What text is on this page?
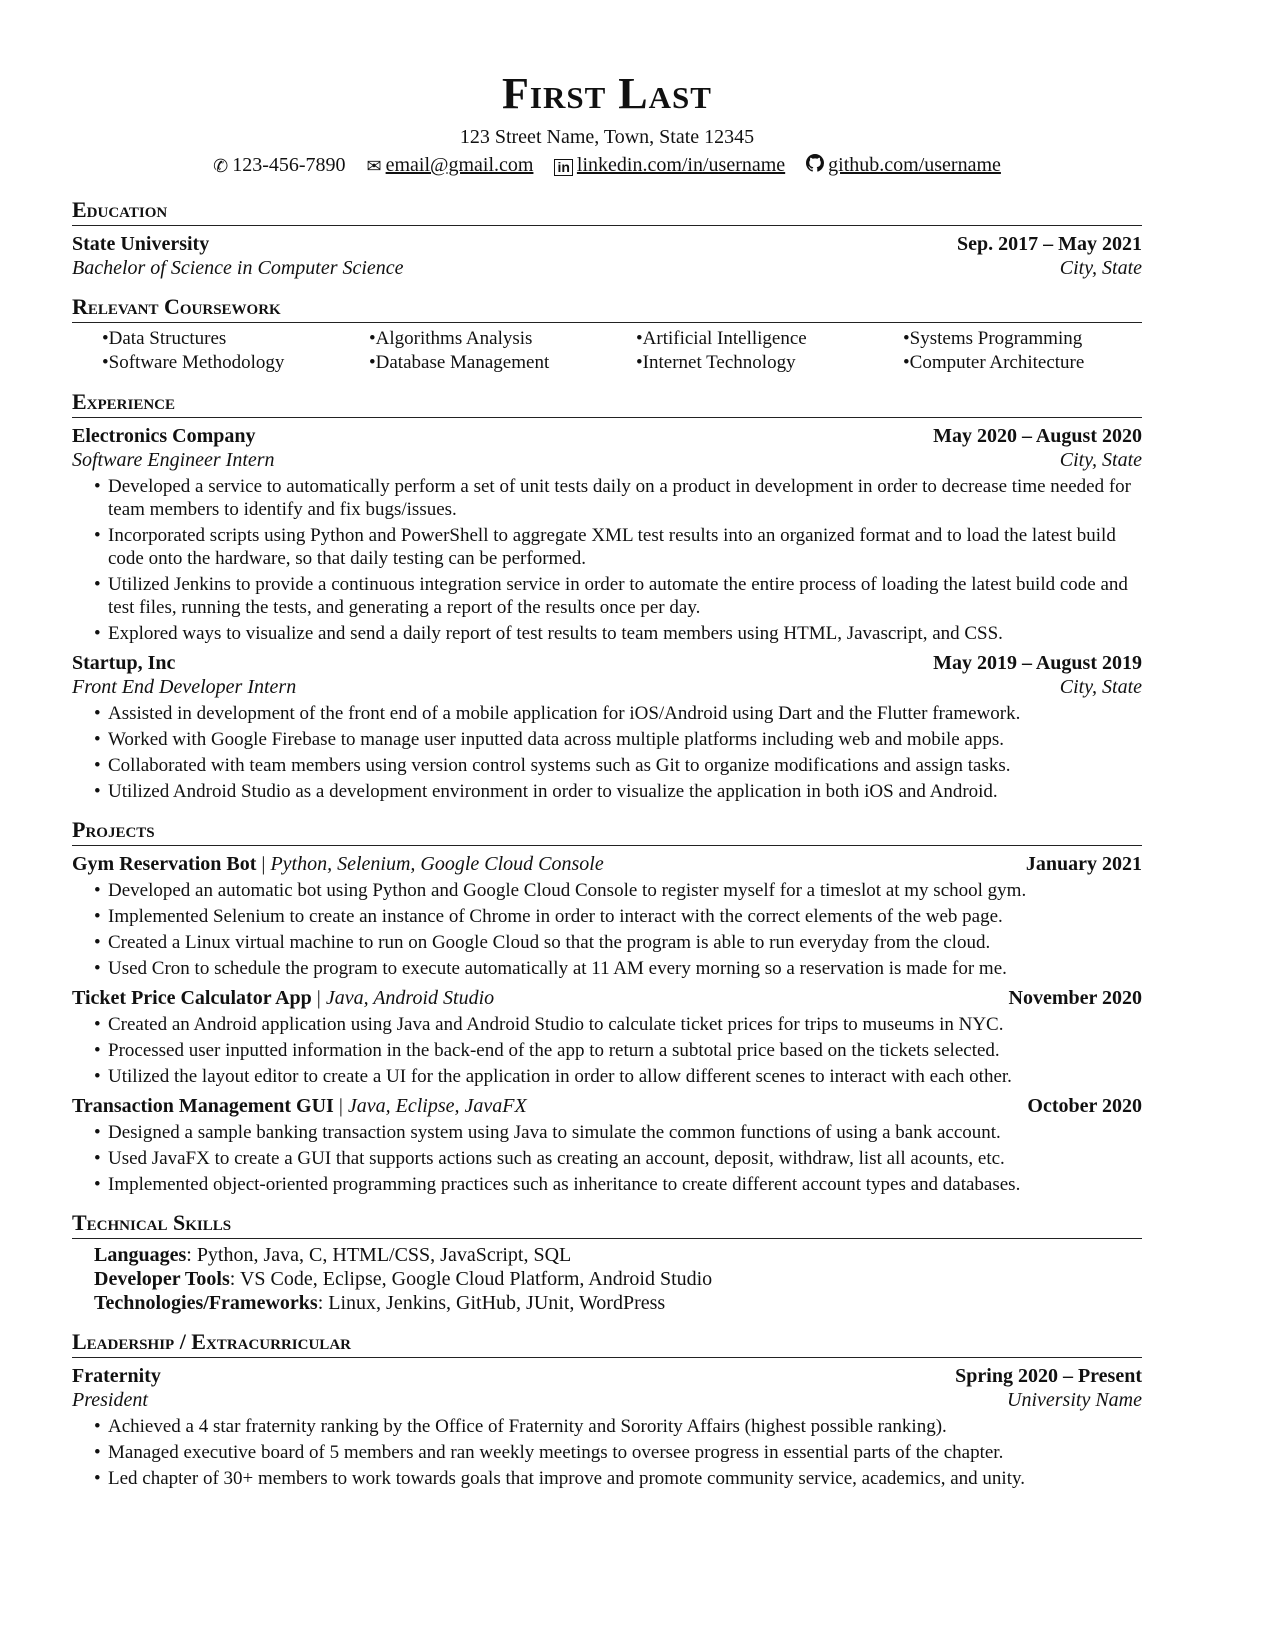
First Last
123 Street Name, Town, State 12345
✆ 123-456-7890 ✉ email@gmail.com in linkedin.com/in/username github.com/username
Education
State University	Sep. 2017 – May 2021
Bachelor of Science in Computer Science	City, State
Relevant Coursework
• Data Structures	• Algorithms Analysis	• Artificial Intelligence	• Systems Programming
• Software Methodology	• Database Management	• Internet Technology	• Computer Architecture
Experience
Electronics Company	May 2020 – August 2020
Software Engineer Intern	City, State
• Developed a service to automatically perform a set of unit tests daily on a product in development in order to decrease time needed for team members to identify and fix bugs/issues.
• Incorporated scripts using Python and PowerShell to aggregate XML test results into an organized format and to load the latest build code onto the hardware, so that daily testing can be performed.
• Utilized Jenkins to provide a continuous integration service in order to automate the entire process of loading the latest build code and test files, running the tests, and generating a report of the results once per day.
• Explored ways to visualize and send a daily report of test results to team members using HTML, Javascript, and CSS.
Startup, Inc	May 2019 – August 2019
Front End Developer Intern	City, State
• Assisted in development of the front end of a mobile application for iOS/Android using Dart and the Flutter framework.
• Worked with Google Firebase to manage user inputted data across multiple platforms including web and mobile apps.
• Collaborated with team members using version control systems such as Git to organize modifications and assign tasks.
• Utilized Android Studio as a development environment in order to visualize the application in both iOS and Android.
Projects
Gym Reservation Bot | Python, Selenium, Google Cloud Console	January 2021
• Developed an automatic bot using Python and Google Cloud Console to register myself for a timeslot at my school gym.
• Implemented Selenium to create an instance of Chrome in order to interact with the correct elements of the web page.
• Created a Linux virtual machine to run on Google Cloud so that the program is able to run everyday from the cloud.
• Used Cron to schedule the program to execute automatically at 11 AM every morning so a reservation is made for me.
Ticket Price Calculator App | Java, Android Studio	November 2020
• Created an Android application using Java and Android Studio to calculate ticket prices for trips to museums in NYC.
• Processed user inputted information in the back-end of the app to return a subtotal price based on the tickets selected.
• Utilized the layout editor to create a UI for the application in order to allow different scenes to interact with each other.
Transaction Management GUI | Java, Eclipse, JavaFX	October 2020
• Designed a sample banking transaction system using Java to simulate the common functions of using a bank account.
• Used JavaFX to create a GUI that supports actions such as creating an account, deposit, withdraw, list all acounts, etc.
• Implemented object-oriented programming practices such as inheritance to create different account types and databases.
Technical Skills
Languages: Python, Java, C, HTML/CSS, JavaScript, SQL
Developer Tools: VS Code, Eclipse, Google Cloud Platform, Android Studio
Technologies/Frameworks: Linux, Jenkins, GitHub, JUnit, WordPress
Leadership / Extracurricular
Fraternity	Spring 2020 – Present
President	University Name
• Achieved a 4 star fraternity ranking by the Office of Fraternity and Sorority Affairs (highest possible ranking).
• Managed executive board of 5 members and ran weekly meetings to oversee progress in essential parts of the chapter.
• Led chapter of 30+ members to work towards goals that improve and promote community service, academics, and unity.
